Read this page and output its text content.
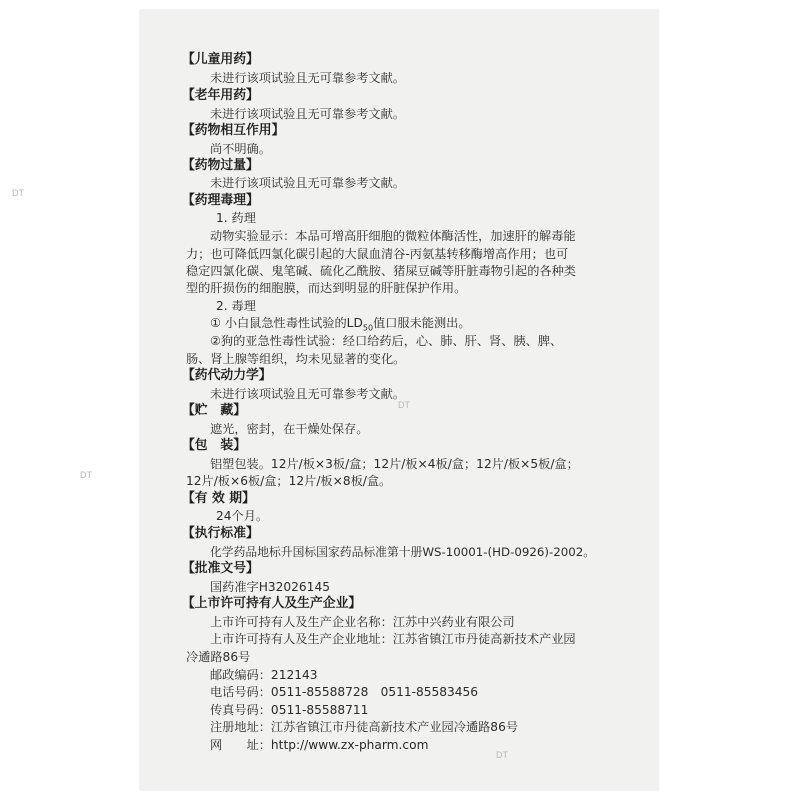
DT
DT
DT
DT
【儿童用药】
未进行该项试验且无可靠参考文献。
【老年用药】
未进行该项试验且无可靠参考文献。
【药物相互作用】
尚不明确。
【药物过量】
未进行该项试验且无可靠参考文献。
【药理毒理】
1. 药理
动物实验显示：本品可增高肝细胞的微粒体酶活性，加速肝的解毒能
力；也可降低四氯化碳引起的大鼠血清谷-丙氨基转移酶增高作用；也可
稳定四氯化碳、鬼笔碱、硫化乙酰胺、猪屎豆碱等肝脏毒物引起的各种类
型的肝损伤的细胞膜，而达到明显的肝脏保护作用。
2. 毒理
① 小白鼠急性毒性试验的$LD_{50}$值口服未能测出。
②狗的亚急性毒性试验：经口给药后，心、肺、肝、肾、胰、脾、
肠、肾上腺等组织，均未见显著的变化。
【药代动力学】
未进行该项试验且无可靠参考文献。
【贮　藏】
遮光，密封，在干燥处保存。
【包　装】
铝塑包装。12片/板×3板/盒；12片/板×4板/盒；12片/板×5板/盒；
12片/板×6板/盒；12片/板×8板/盒。
【有 效 期】
24个月。
【执行标准】
化学药品地标升国标国家药品标准第十册WS-10001-(HD-0926)-2002。
【批准文号】
国药准字H32026145
【上市许可持有人及生产企业】
上市许可持有人及生产企业名称：江苏中兴药业有限公司
上市许可持有人及生产企业地址：江苏省镇江市丹徒高新技术产业园
冷遹路86号
邮政编码：212143
电话号码：0511-85588728　0511-85583456
传真号码：0511-85588711
注册地址：江苏省镇江市丹徒高新技术产业园冷遹路86号
网　　址：http://www.zx-pharm.com
